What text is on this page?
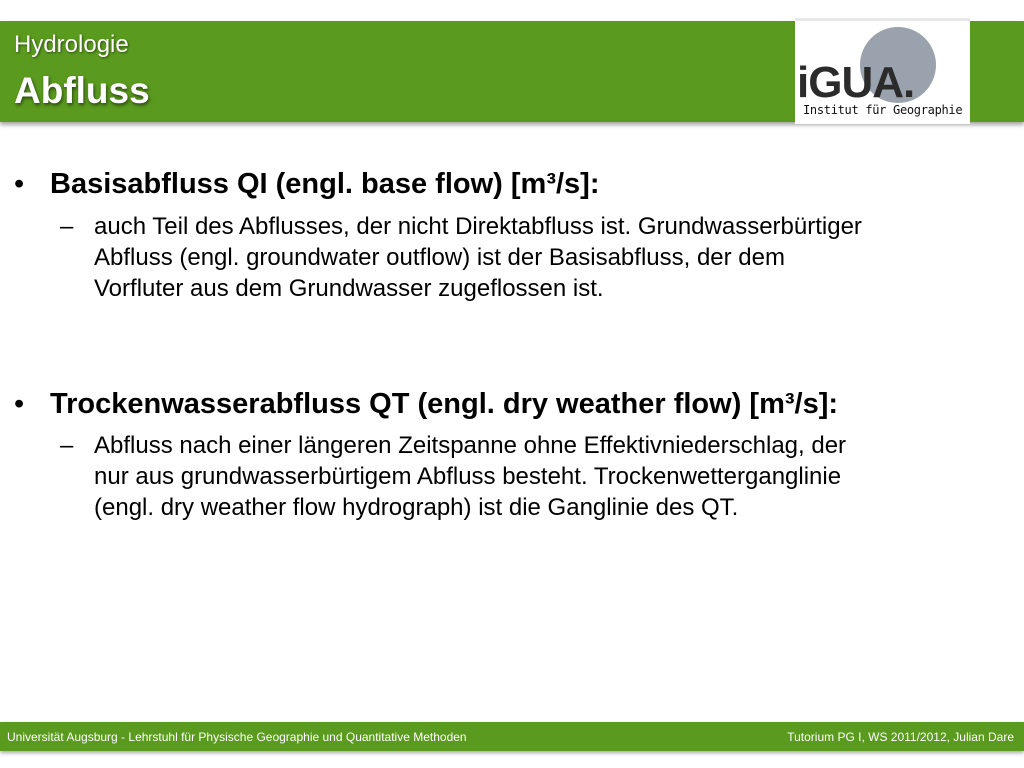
Hydrologie
Abfluss	iGUA.
Institut für Geographie
• Basisabfluss QI (engl. base flow) [m³/s]:
– auch Teil des Abflusses, der nicht Direktabfluss ist. Grundwasserbürtiger
Abfluss (engl. groundwater outflow) ist der Basisabfluss, der dem
Vorfluter aus dem Grundwasser zugeflossen ist.
• Trockenwasserabfluss QT (engl. dry weather flow) [m³/s]:
– Abfluss nach einer längeren Zeitspanne ohne Effektivniederschlag, der
nur aus grundwasserbürtigem Abfluss besteht. Trockenwetterganglinie
(engl. dry weather flow hydrograph) ist die Ganglinie des QT.
Universität Augsburg - Lehrstuhl für Physische Geographie und Quantitative Methoden	Tutorium PG I, WS 2011/2012, Julian Dare
